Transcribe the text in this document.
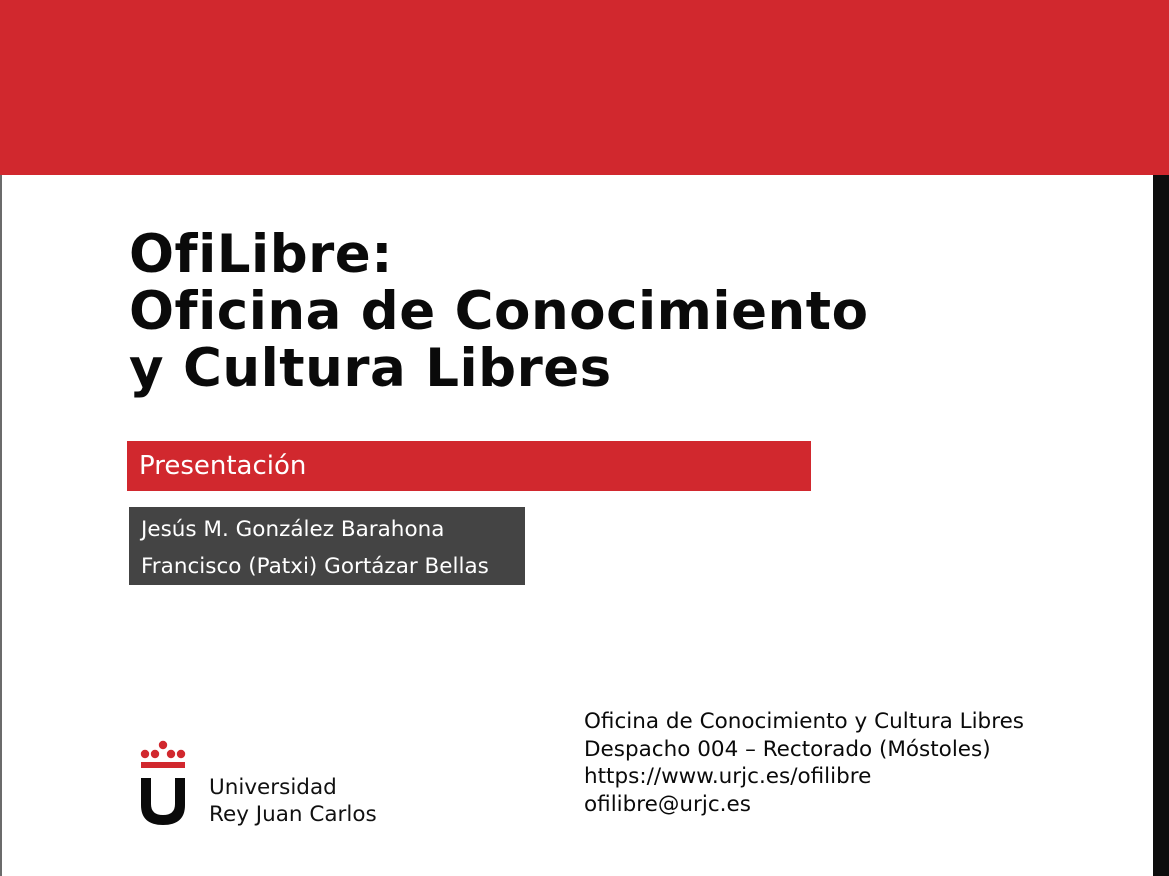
OfiLibre:
Oficina de Conocimiento
y Cultura Libres
Presentación
Jesús M. González Barahona
Francisco (Patxi) Gortázar Bellas
Universidad
Rey Juan Carlos
Oficina de Conocimiento y Cultura Libres
Despacho 004 – Rectorado (Móstoles)
https://www.urjc.es/ofilibre
ofilibre@urjc.es
